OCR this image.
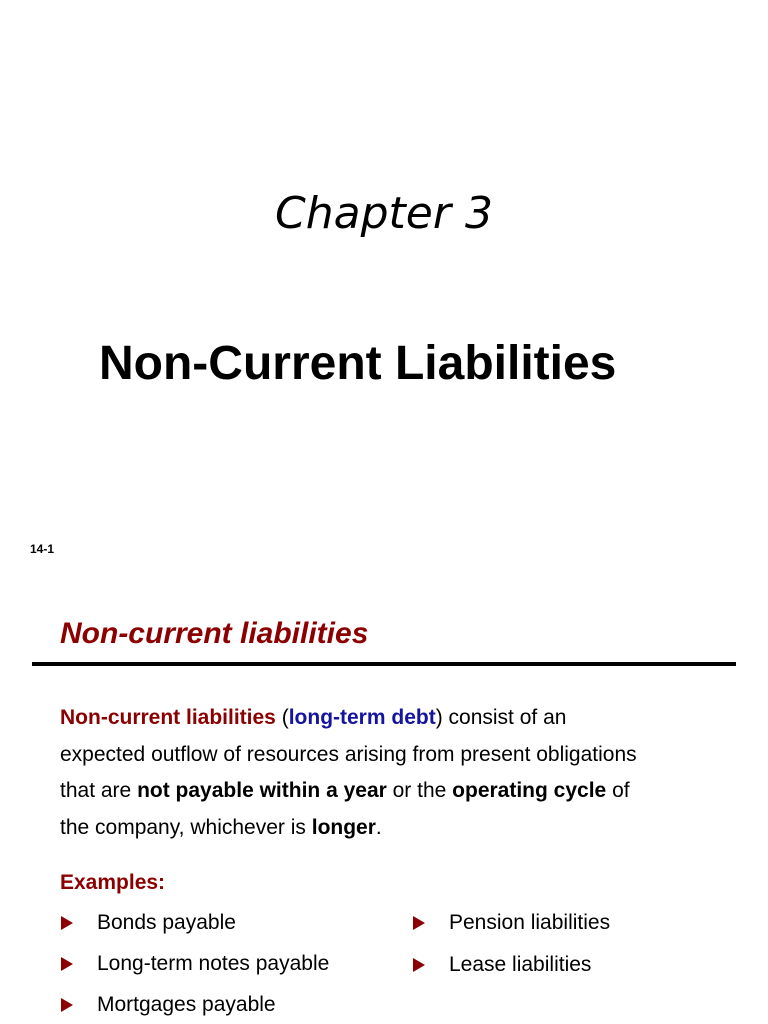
Chapter 3
Non-Current Liabilities
14-1
Non-current liabilities
Non-current liabilities (long-term debt) consist of an
expected outflow of resources arising from present obligations
that are not payable within a year or the operating cycle of
the company, whichever is longer.
Examples:
Bonds payable
Long-term notes payable
Mortgages payable
Pension liabilities
Lease liabilities
